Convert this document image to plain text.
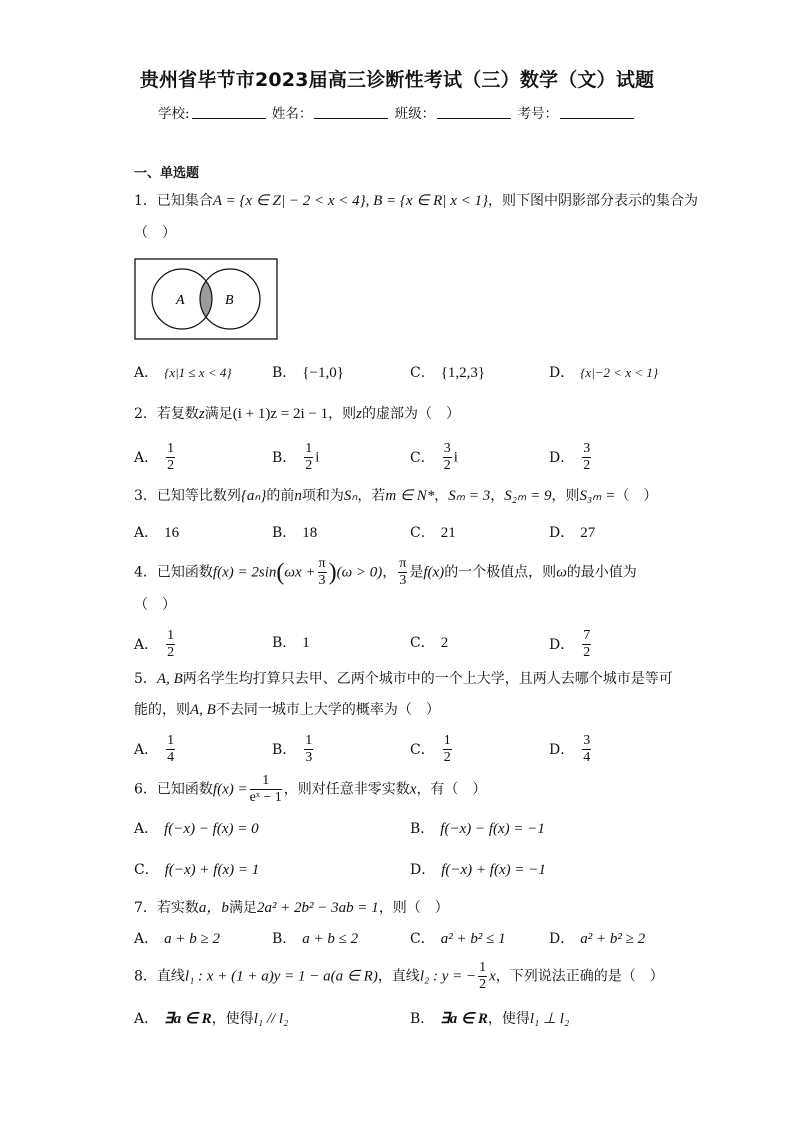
贵州省毕节市2023届高三诊断性考试（三）数学（文）试题
学校:	姓名：	班级：	考号：
一、单选题
1．已知集合A = {x ∈ Z| − 2 < x < 4}, B = {x ∈ R| x < 1}，则下图中阴影部分表示的集合为
（　）
A	B
A． {x|1 ≤ x < 4}	B． {−1,0}	C． {1,2,3}	D． {x|−2 < x < 1}
2．若复数z满足(i + 1)z = 2i − 1，则z的虚部为（　）
A． $\frac{1}{2}$	B． $\frac{1}{2}$ i	C． $\frac{3}{2}$ i	D． $\frac{3}{2}$
3．已知等比数列{aₙ}的前n项和为Sₙ，若m ∈ N*，Sₘ = 3，S₂ₘ = 9，则S₃ₘ =（　）
A． 16	B． 18	C． 21	D． 27
4．已知函数$f(x) = 2\sin(\omega x + \frac{\pi}{3} )(\omega > 0)$， $\frac{\pi}{3}$ 是f(x)的一个极值点，则ω的最小值为
（　）
A． $\frac{1}{2}$	B． 1	C． 2	D． $\frac{7}{2}$
5．A, B两名学生均打算只去甲、乙两个城市中的一个上大学，且两人去哪个城市是等可
能的，则A, B不去同一城市上大学的概率为（　）
A． $\frac{1}{4}$	B． $\frac{1}{3}$	C． $\frac{1}{2}$	D． $\frac{3}{4}$
6．已知函数$f(x) = \frac{1}{\text{eˣ − 1}}$ ，则对任意非零实数x，有（　）
A． f(−x) − f(x) = 0	B． f(−x) − f(x) = −1
C． f(−x) + f(x) = 1	D． f(−x) + f(x) = −1
7．若实数a，b满足2a² + 2b² − 3ab = 1，则（　）
A． a + b ≥ 2	B． a + b ≤ 2	C． a² + b² ≤ 1	D． a² + b² ≥ 2
8．直线l₁ : x + (1 + a)y = 1 − a(a ∈ R)，直线l₂ : y = − $\frac{1}{2}$ x，下列说法正确的是（　）
A． ∃a ∈ R，使得l₁ // l₂	B． ∃a ∈ R，使得l₁ ⊥ l₂
